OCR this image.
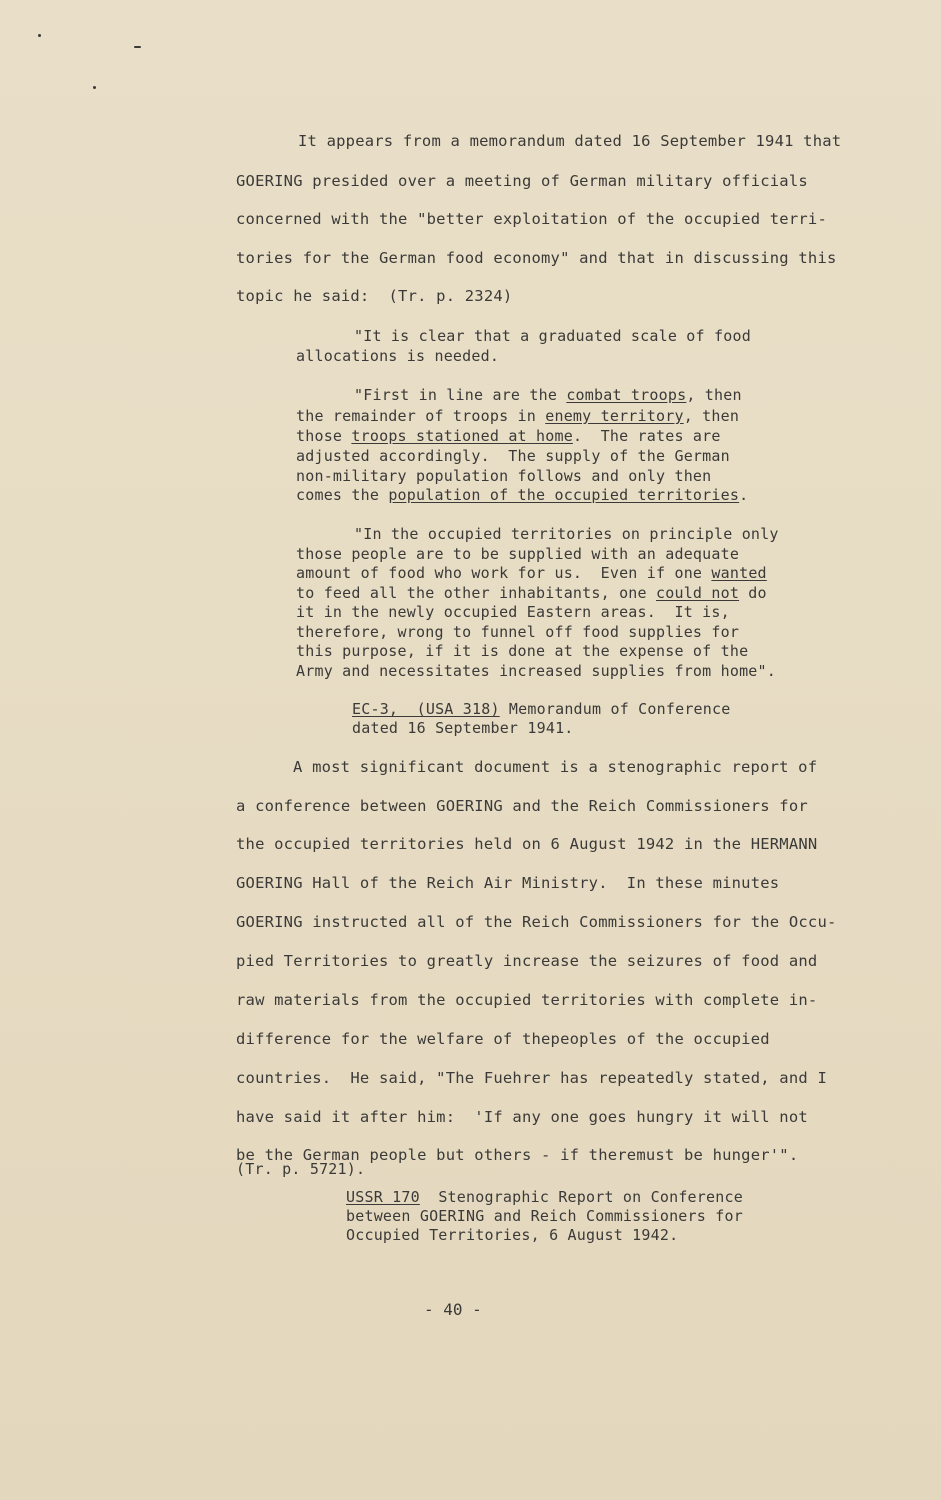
It appears from a memorandum dated 16 September 1941 that
GOERING presided over a meeting of German military officials
concerned with the "better exploitation of the occupied terri-
tories for the German food economy" and that in discussing this
topic he said:  (Tr. p. 2324)
"It is clear that a graduated scale of food
allocations is needed.
"First in line are the combat troops, then
the remainder of troops in enemy territory, then
those troops stationed at home.  The rates are
adjusted accordingly.  The supply of the German
non-military population follows and only then
comes the population of the occupied territories.
"In the occupied territories on principle only
those people are to be supplied with an adequate
amount of food who work for us.  Even if one wanted
to feed all the other inhabitants, one could not do
it in the newly occupied Eastern areas.  It is,
therefore, wrong to funnel off food supplies for
this purpose, if it is done at the expense of the
Army and necessitates increased supplies from home".
EC-3,  (USA 318) Memorandum of Conference
dated 16 September 1941.
A most significant document is a stenographic report of
a conference between GOERING and the Reich Commissioners for
the occupied territories held on 6 August 1942 in the HERMANN
GOERING Hall of the Reich Air Ministry.  In these minutes
GOERING instructed all of the Reich Commissioners for the Occu-
pied Territories to greatly increase the seizures of food and
raw materials from the occupied territories with complete in-
difference for the welfare of thepeoples of the occupied
countries.  He said, "The Fuehrer has repeatedly stated, and I
have said it after him:  'If any one goes hungry it will not
be the German people but others - if theremust be hunger'".
(Tr. p. 5721).
USSR 170  Stenographic Report on Conference
between GOERING and Reich Commissioners for
Occupied Territories, 6 August 1942.
- 40 -
